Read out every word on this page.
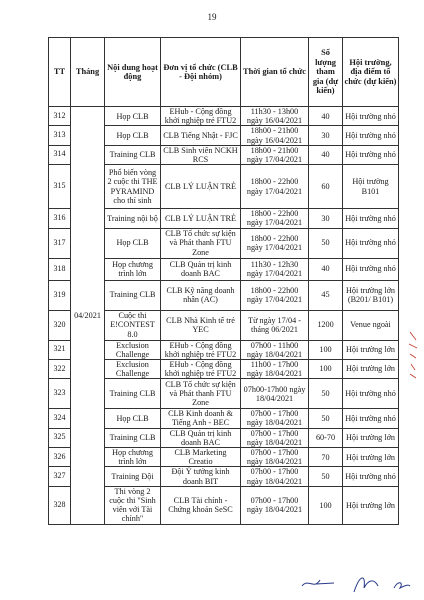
19
TT	Tháng	Nội dung hoạt động	Đơn vị tổ chức (CLB - Đội nhóm)	Thời gian tổ chức	Số lượng tham gia (dự kiến)	Hội trường, địa điểm tổ chức (dự kiến)
312	04/2021	Họp CLB	EHub - Cộng đồng khởi nghiệp trẻ FTU2	11h30 - 13h00 ngày 16/04/2021	40	Hội trường nhỏ
313		Họp CLB	CLB Tiếng Nhật - FJC	18h00 - 21h00 ngày 16/04/2021	30	Hội trường nhỏ
314		Training CLB	CLB Sinh viên NCKH RCS	18h00 - 21h00 ngày 17/04/2021	40	Hội trường nhỏ
315		Phổ biến vòng 2 cuộc thi THE PYRAMIND cho thí sinh	CLB LÝ LUẬN TRẺ	18h00 - 22h00 ngày 17/04/2021	60	Hội trường B101
316		Training nội bộ	CLB LÝ LUẬN TRẺ	18h00 - 22h00 ngày 17/04/2021	30	Hội trường nhỏ
317		Họp CLB	CLB Tổ chức sự kiện và Phát thanh FTU Zone	18h00 - 22h00 ngày 17/04/2021	50	Hội trường nhỏ
318		Họp chương trình lớn	CLB Quản trị kinh doanh BAC	11h30 - 12h30 ngày 17/04/2021	40	Hội trường nhỏ
319		Training CLB	CLB Kỹ năng doanh nhân (AC)	18h00 - 22h00 ngày 17/04/2021	45	Hội trường lớn (B201/ B101)
320		Cuộc thi E!CONTEST 8.0	CLB Nhà Kinh tế trẻ YEC	Từ ngày 17/04 - tháng 06/2021	1200	Venue ngoài
321		Exclusion Challenge	EHub - Cộng đồng khởi nghiệp trẻ FTU2	07h00 - 11h00 ngày 18/04/2021	100	Hội trường lớn
322		Exclusion Challenge	EHub - Cộng đồng khởi nghiệp trẻ FTU2	11h00 - 17h00 ngày 18/04/2021	100	Hội trường lớn
323		Training CLB	CLB Tổ chức sự kiện và Phát thanh FTU Zone	07h00-17h00 ngày 18/04/2021	50	Hội trường nhỏ
324		Họp CLB	CLB Kinh doanh & Tiếng Anh - BEC	07h00 - 17h00 ngày 18/04/2021	50	Hội trường nhỏ
325		Training CLB	CLB Quản trị kinh doanh BAC	07h00 - 17h00 ngày 18/04/2021	60-70	Hội trường lớn
326		Họp chương trình lớn	CLB Marketing Creatio	07h00 - 17h00 ngày 18/04/2021	70	Hội trường lớn
327		Training Đội	Đội Ý tưởng kinh doanh BIT	07h00 - 17h00 ngày 18/04/2021	50	Hội trường nhỏ
328		Thi vòng 2 cuộc thi "Sinh viên với Tài chính"	CLB Tài chính - Chứng khoán SeSC	07h00 - 17h00 ngày 18/04/2021	100	Hội trường lớn
